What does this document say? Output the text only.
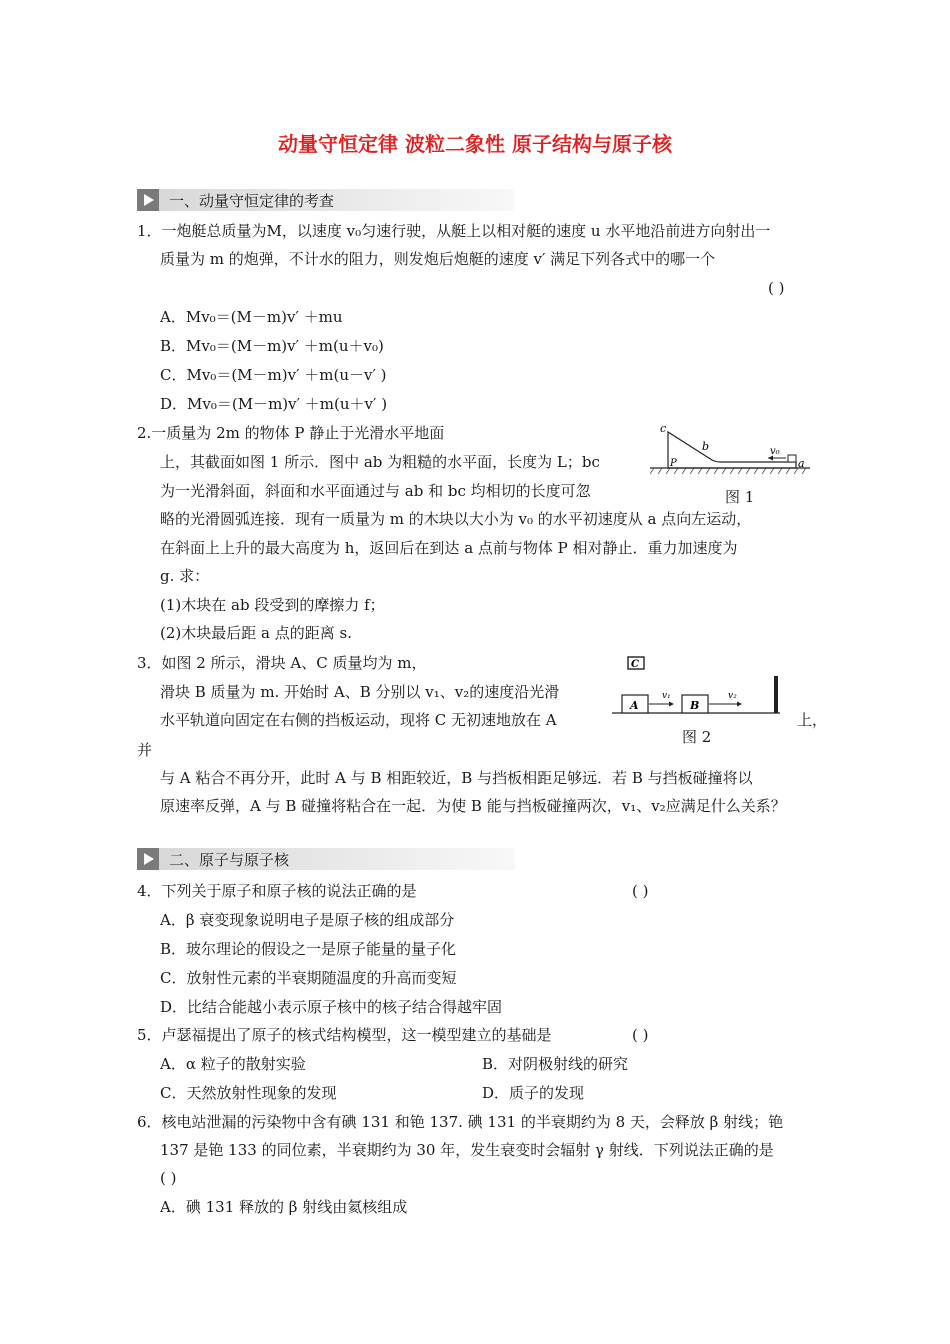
动量守恒定律 波粒二象性 原子结构与原子核
一、动量守恒定律的考查
1．一炮艇总质量为M，以速度 v₀匀速行驶，从艇上以相对艇的速度 u 水平地沿前进方向射出一
质量为 m 的炮弹，不计水的阻力，则发炮后炮艇的速度 v′ 满足下列各式中的哪一个
( )
A．Mv₀＝(M－m)v′ ＋mu
B．Mv₀＝(M－m)v′ ＋m(u＋v₀)
C．Mv₀＝(M－m)v′ ＋m(u－v′ )
D．Mv₀＝(M－m)v′ ＋m(u＋v′ )
2.一质量为 2m 的物体 P 静止于光滑水平地面
上，其截面如图 1 所示．图中 ab 为粗糙的水平面，长度为 L；bc
为一光滑斜面，斜面和水平面通过与 ab 和 bc 均相切的长度可忽
略的光滑圆弧连接．现有一质量为 m 的木块以大小为 v₀ 的水平初速度从 a 点向左运动，
在斜面上上升的最大高度为 h，返回后在到达 a 点前与物体 P 相对静止．重力加速度为
g. 求：
(1)木块在 ab 段受到的摩擦力 f；
(2)木块最后距 a 点的距离 s.
c
b
P	a
v₀
图 1
3．如图 2 所示，滑块 A、C 质量均为 m，
滑块 B 质量为 m. 开始时 A、B 分别以 v₁、v₂的速度沿光滑
水平轨道向固定在右侧的挡板运动，现将 C 无初速地放在 A	上，
并
与 A 粘合不再分开，此时 A 与 B 相距较近，B 与挡板相距足够远．若 B 与挡板碰撞将以
原速率反弹，A 与 B 碰撞将粘合在一起．为使 B 能与挡板碰撞两次，v₁、v₂应满足什么关系？
C
A
v₁
B
v₂
图 2
二、原子与原子核
4．下列关于原子和原子核的说法正确的是	( )
A．β 衰变现象说明电子是原子核的组成部分
B．玻尔理论的假设之一是原子能量的量子化
C．放射性元素的半衰期随温度的升高而变短
D．比结合能越小表示原子核中的核子结合得越牢固
5．卢瑟福提出了原子的核式结构模型，这一模型建立的基础是	( )
A．α 粒子的散射实验	B．对阴极射线的研究
C．天然放射性现象的发现	D．质子的发现
6．核电站泄漏的污染物中含有碘 131 和铯 137. 碘 131 的半衰期约为 8 天，会释放 β 射线；铯
137 是铯 133 的同位素，半衰期约为 30 年，发生衰变时会辐射 γ 射线．下列说法正确的是
( )
A．碘 131 释放的 β 射线由氦核组成
